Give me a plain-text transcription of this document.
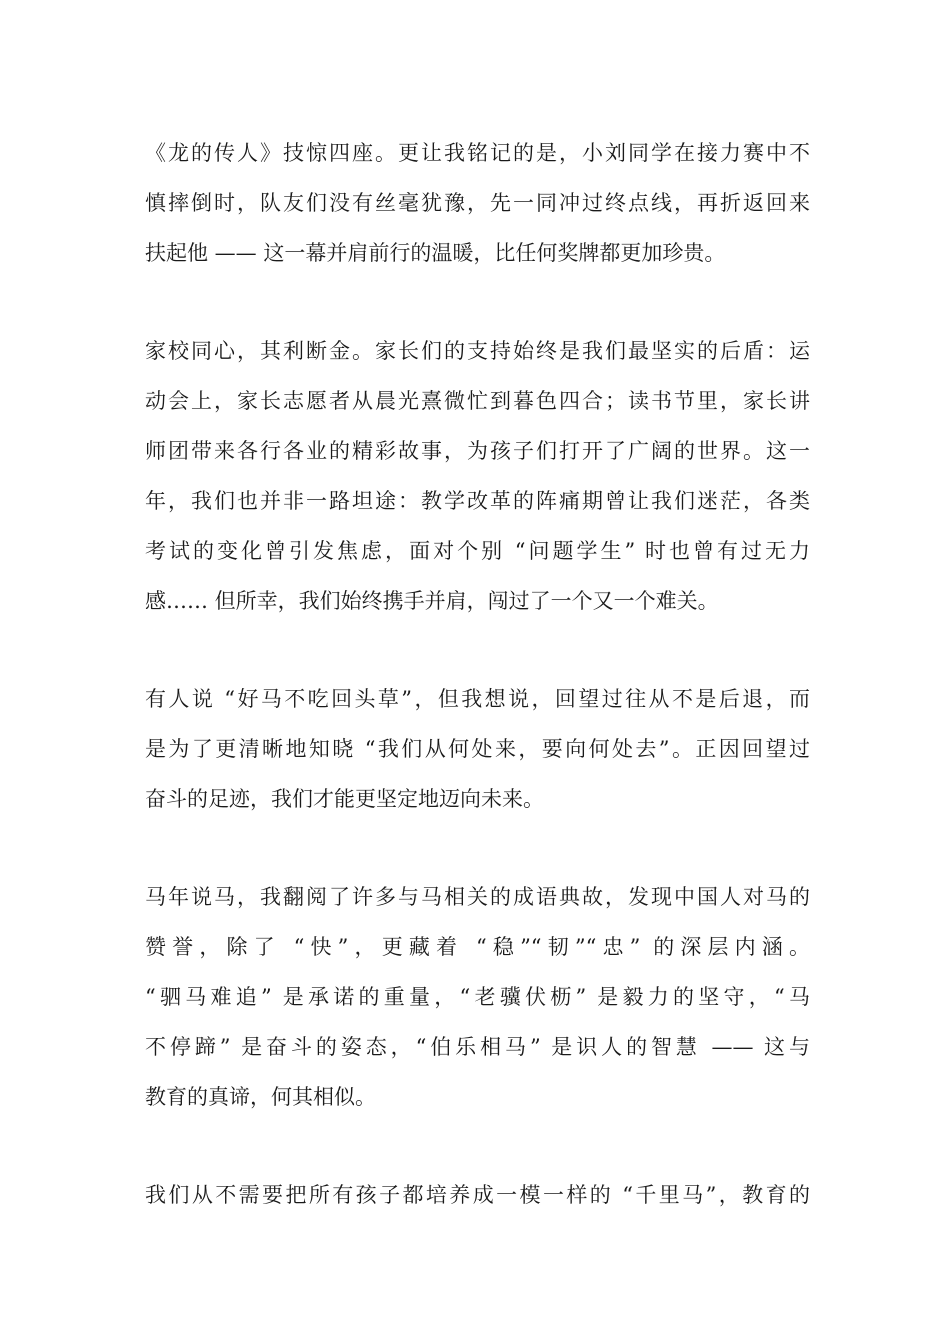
《龙的传人》技惊四座。更让我铭记的是，小刘同学在接力赛中不
慎摔倒时，队友们没有丝毫犹豫，先一同冲过终点线，再折返回来
扶起他 —— 这一幕并肩前行的温暖，比任何奖牌都更加珍贵。
家校同心，其利断金。家长们的支持始终是我们最坚实的后盾：运
动会上，家长志愿者从晨光熹微忙到暮色四合；读书节里，家长讲
师团带来各行各业的精彩故事，为孩子们打开了广阔的世界。这一
年，我们也并非一路坦途：教学改革的阵痛期曾让我们迷茫，各类
考试的变化曾引发焦虑，面对个别 “问题学生” 时也曾有过无力
感…… 但所幸，我们始终携手并肩，闯过了一个又一个难关。
有人说 “好马不吃回头草”，但我想说，回望过往从不是后退，而
是为了更清晰地知晓 “我们从何处来，要向何处去”。正因回望过
奋斗的足迹，我们才能更坚定地迈向未来。
马年说马，我翻阅了许多与马相关的成语典故，发现中国人对马的
赞誉，除了 “快”，更藏着 “稳”“韧”“忠” 的深层内涵。
“驷马难追” 是承诺的重量，“老骥伏枥” 是毅力的坚守，“马
不停蹄” 是奋斗的姿态，“伯乐相马” 是识人的智慧 —— 这与
教育的真谛，何其相似。
我们从不需要把所有孩子都培养成一模一样的 “千里马”，教育的
